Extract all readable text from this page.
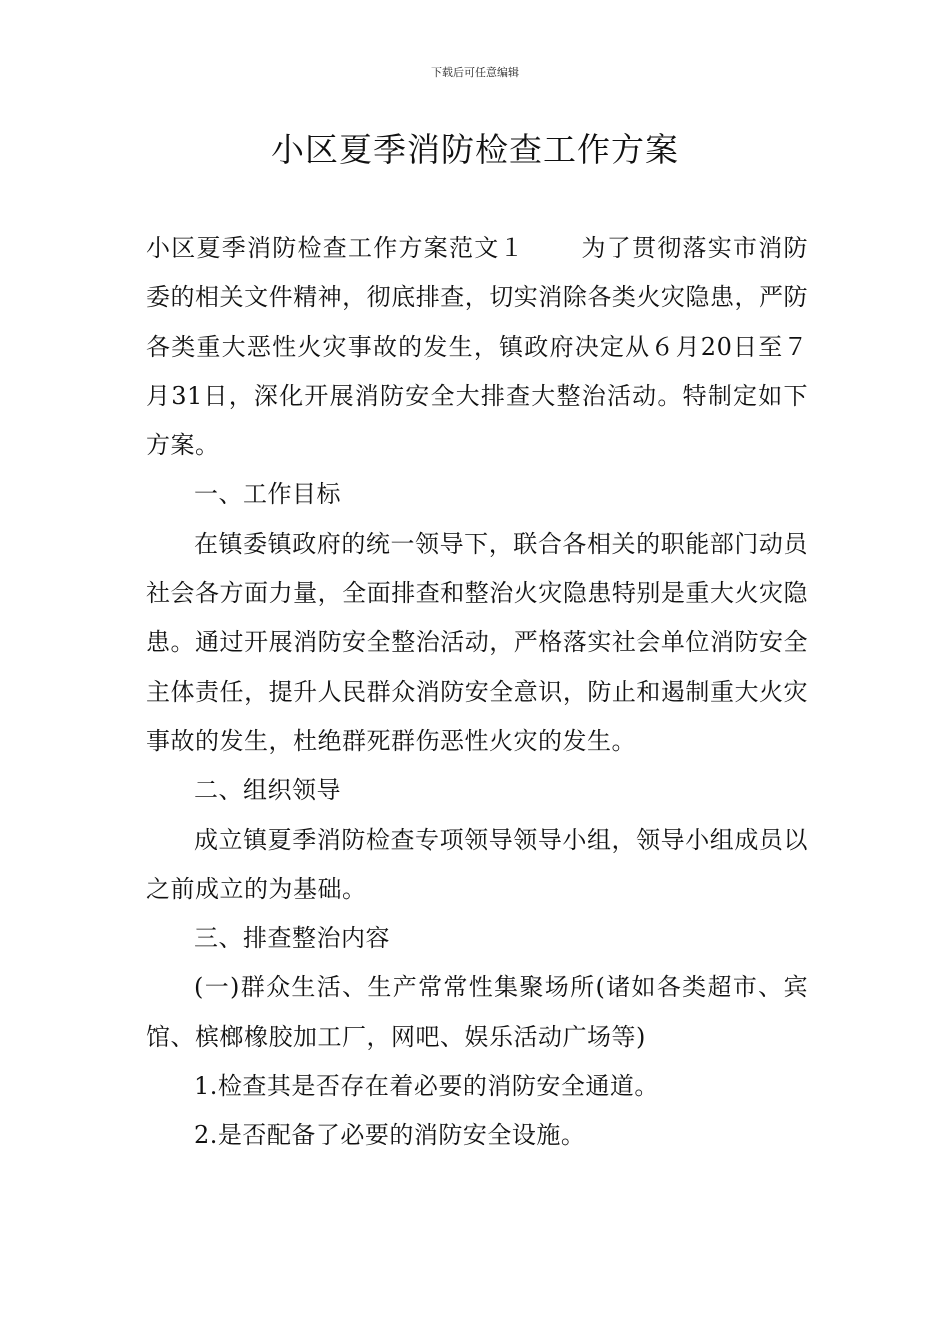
下载后可任意编辑
小区夏季消防检查工作方案

小区夏季消防检查工作方案范文１ 为了贯彻落实市消防委的相关文件精神，彻底排查，切实消除各类火灾隐患，严防各类重大恶性火灾事故的发生，镇政府决定从６月20日至７月31日，深化开展消防安全大排查大整治活动。特制定如下方案。

一、工作目标

在镇委镇政府的统一领导下，联合各相关的职能部门动员社会各方面力量，全面排查和整治火灾隐患特别是重大火灾隐患。通过开展消防安全整治活动，严格落实社会单位消防安全主体责任，提升人民群众消防安全意识，防止和遏制重大火灾事故的发生，杜绝群死群伤恶性火灾的发生。

二、组织领导

成立镇夏季消防检查专项领导领导小组，领导小组成员以之前成立的为基础。

三、排查整治内容

(一)群众生活、生产常常性集聚场所(诸如各类超市、宾馆、槟榔橡胶加工厂，网吧、娱乐活动广场等)

1.检查其是否存在着必要的消防安全通道。

2.是否配备了必要的消防安全设施。
